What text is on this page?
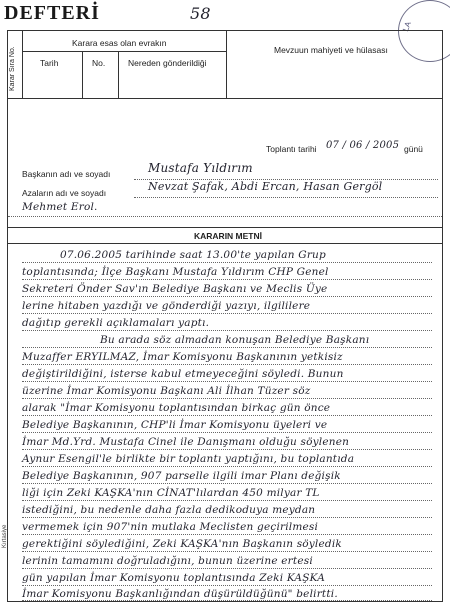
DEFTERİ	58
LA
Karar Sıra No.
Karara esas olan evrakın
Tarih	No.	Nereden gönderildiği
Mevzuun mahiyeti ve hülasası
Toplantı tarihi 07 / 06 / 2005 günü
Başkanın adı ve soyadı	Mustafa Yıldırım
Azaların adı ve soyadı	Nevzat Şafak, Abdi Ercan, Hasan Gergöl
Mehmet Erol.
KARARIN METNİ
07.06.2005 tarihinde saat 13.00'te yapılan Grup
toplantısında; İlçe Başkanı Mustafa Yıldırım CHP Genel
Sekreteri Önder Sav'ın Belediye Başkanı ve Meclis Üye
lerine hitaben yazdığı ve gönderdiği yazıyı, ilgililere
dağıtıp gerekli açıklamaları yaptı.
Bu arada söz almadan konuşan Belediye Başkanı
Muzaffer ERYILMAZ, İmar Komisyonu Başkanının yetkisiz
değiştirildiğini, isterse kabul etmeyeceğini söyledi. Bunun
üzerine İmar Komisyonu Başkanı Ali İlhan Tüzer söz
alarak "İmar Komisyonu toplantısından birkaç gün önce
Belediye Başkanının, CHP'li İmar Komisyonu üyeleri ve
İmar Md.Yrd. Mustafa Cinel ile Danışmanı olduğu söylenen
Aynur Esengil'le birlikte bir toplantı yaptığını, bu toplantıda
Belediye Başkanının, 907 parselle ilgili imar Planı değişik
liği için Zeki KAŞKA'nın CİNAT'lılardan 450 milyar TL
istediğini, bu nedenle daha fazla dedikoduya meydan
vermemek için 907'nin mutlaka Meclisten geçirilmesi
gerektiğini söylediğini, Zeki KAŞKA'nın Başkanın söyledik
lerinin tamamını doğruladığını, bunun üzerine ertesi
gün yapılan İmar Komisyonu toplantısında Zeki KAŞKA
İmar Komisyonu Başkanlığından düşürüldüğünü" belirtti.
Kırtasiye
